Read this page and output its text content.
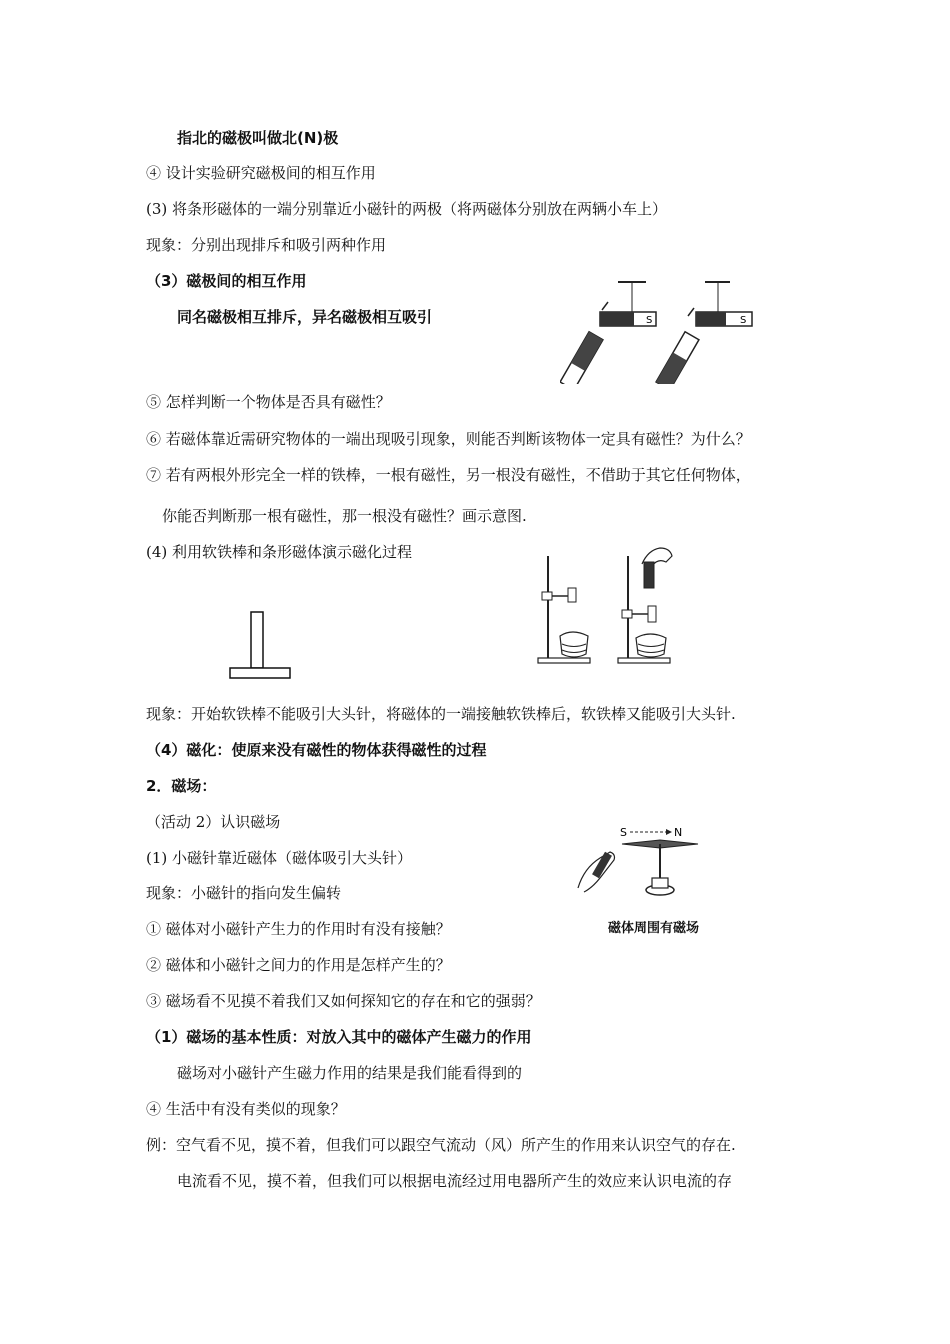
指北的磁极叫做北(N)极
④ 设计实验研究磁极间的相互作用
(3) 将条形磁体的一端分别靠近小磁针的两极（将两磁体分别放在两辆小车上）
现象：分别出现排斥和吸引两种作用
（3）磁极间的相互作用
同名磁极相互排斥，异名磁极相互吸引
⑤ 怎样判断一个物体是否具有磁性？
⑥ 若磁体靠近需研究物体的一端出现吸引现象，则能否判断该物体一定具有磁性？为什么？
⑦ 若有两根外形完全一样的铁棒，一根有磁性，另一根没有磁性，不借助于其它任何物体，
你能否判断那一根有磁性，那一根没有磁性？画示意图.
(4) 利用软铁棒和条形磁体演示磁化过程
现象：开始软铁棒不能吸引大头针，将磁体的一端接触软铁棒后，软铁棒又能吸引大头针.
（4）磁化：使原来没有磁性的物体获得磁性的过程
2．磁场：
（活动 2）认识磁场
(1) 小磁针靠近磁体（磁体吸引大头针）
现象：小磁针的指向发生偏转
① 磁体对小磁针产生力的作用时有没有接触？
② 磁体和小磁针之间力的作用是怎样产生的？
③ 磁场看不见摸不着我们又如何探知它的存在和它的强弱？
（1）磁场的基本性质：对放入其中的磁体产生磁力的作用
磁场对小磁针产生磁力作用的结果是我们能看得到的
④ 生活中有没有类似的现象？
例：空气看不见，摸不着，但我们可以跟空气流动（风）所产生的作用来认识空气的存在.
电流看不见，摸不着，但我们可以根据电流经过用电器所产生的效应来认识电流的存
S	S
S	N
磁体周围有磁场
